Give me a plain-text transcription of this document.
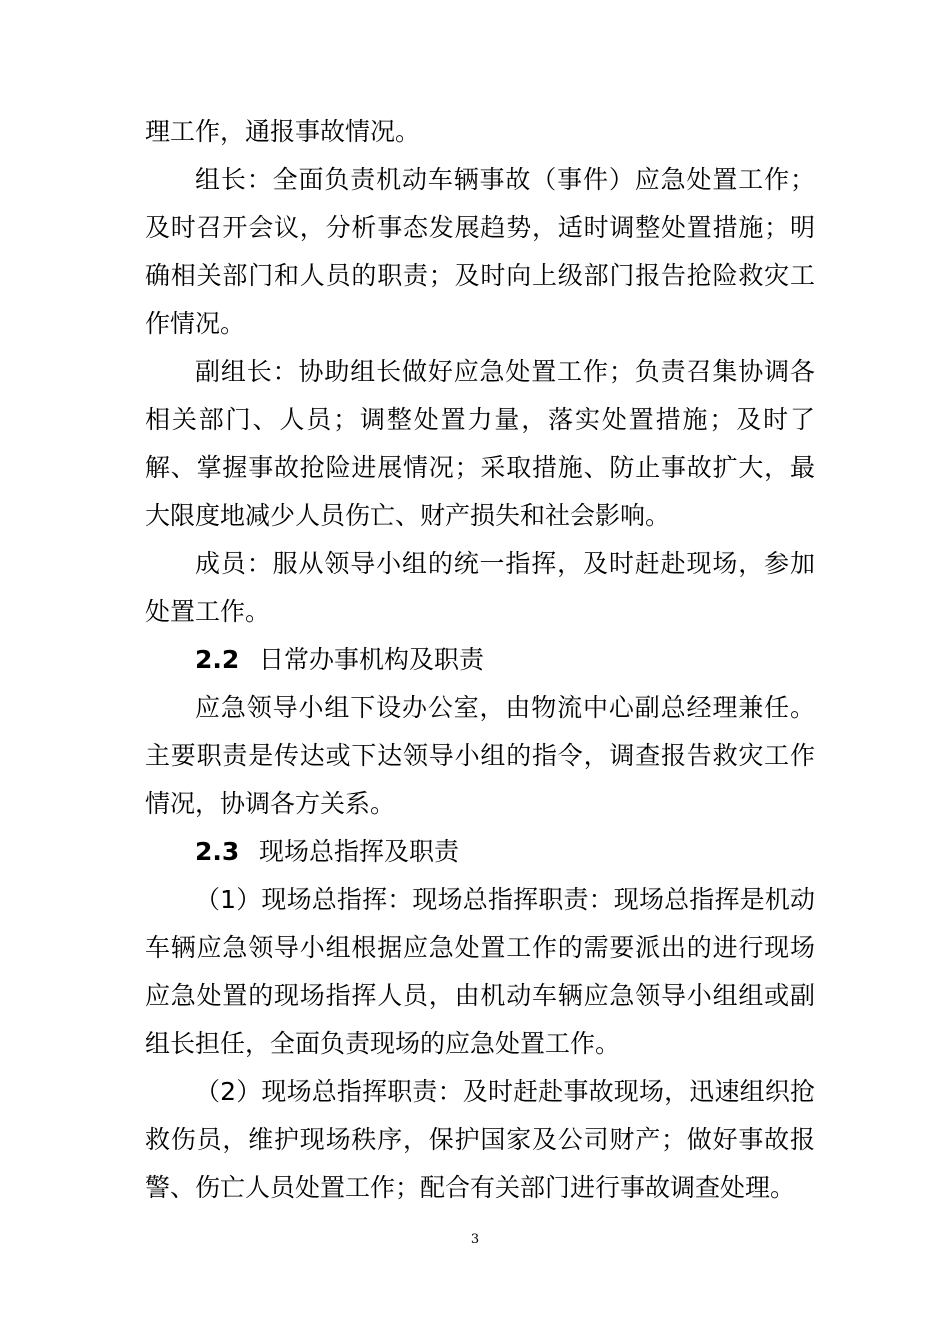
理工作，通报事故情况。

组长：全面负责机动车辆事故（事件）应急处置工作；及时召开会议，分析事态发展趋势，适时调整处置措施；明确相关部门和人员的职责；及时向上级部门报告抢险救灾工作情况。

副组长：协助组长做好应急处置工作；负责召集协调各相关部门、人员；调整处置力量，落实处置措施；及时了解、掌握事故抢险进展情况；采取措施、防止事故扩大，最大限度地减少人员伤亡、财产损失和社会影响。

成员：服从领导小组的统一指挥，及时赶赴现场，参加处置工作。

2.2 日常办事机构及职责

应急领导小组下设办公室，由物流中心副总经理兼任。主要职责是传达或下达领导小组的指令，调查报告救灾工作情况，协调各方关系。

2.3 现场总指挥及职责

（1）现场总指挥：现场总指挥职责：现场总指挥是机动车辆应急领导小组根据应急处置工作的需要派出的进行现场应急处置的现场指挥人员，由机动车辆应急领导小组组或副组长担任，全面负责现场的应急处置工作。

（2）现场总指挥职责：及时赶赴事故现场，迅速组织抢救伤员，维护现场秩序，保护国家及公司财产；做好事故报警、伤亡人员处置工作；配合有关部门进行事故调查处理。

3
